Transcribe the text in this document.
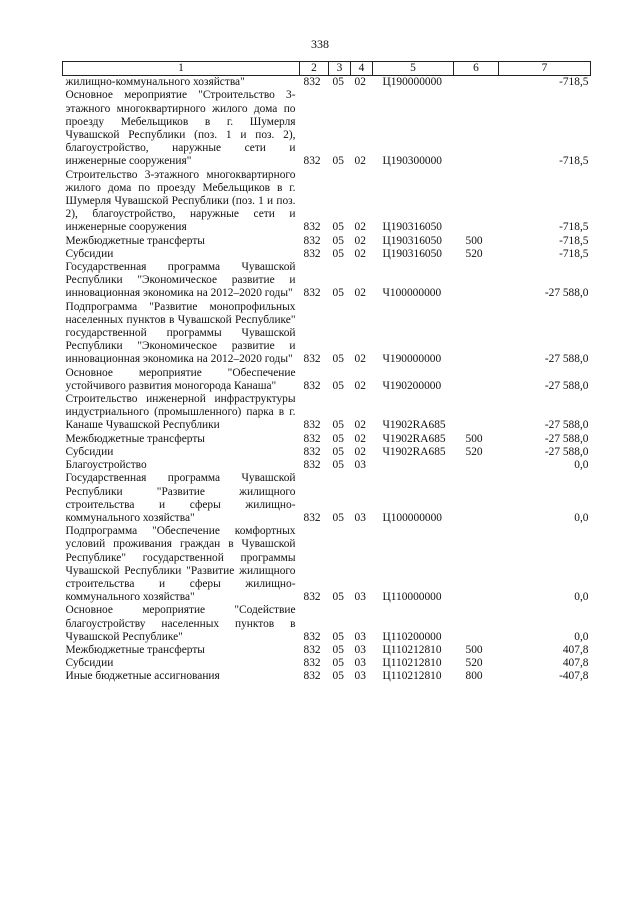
338
1	2	3	4	5	6	7
жилищно-коммунального хозяйства"	832	05	02	Ц190000000		-718,5
Основное мероприятие "Строительство 3-этажного многоквартирного жилого дома по проезду Мебельщиков в г. Шумерля Чувашской Республики (поз. 1 и поз. 2), благоустройство, наружные сети и инженерные сооружения"	832	05	02	Ц190300000		-718,5
Строительство 3-этажного многоквартирного жилого дома по проезду Мебельщиков в г. Шумерля Чувашской Республики (поз. 1 и поз. 2), благоустройство, наружные сети и инженерные сооружения	832	05	02	Ц190316050		-718,5
Межбюджетные трансферты	832	05	02	Ц190316050	500	-718,5
Субсидии	832	05	02	Ц190316050	520	-718,5
Государственная программа Чувашской Республики "Экономическое развитие и инновационная экономика на 2012–2020 годы"	832	05	02	Ч100000000		-27 588,0
Подпрограмма "Развитие монопрофильных населенных пунктов в Чувашской Республике" государственной программы Чувашской Республики "Экономическое развитие и инновационная экономика на 2012–2020 годы"	832	05	02	Ч190000000		-27 588,0
Основное мероприятие "Обеспечение устойчивого развития моногорода Канаша"	832	05	02	Ч190200000		-27 588,0
Строительство инженерной инфраструктуры индустриального (промышленного) парка в г. Канаше Чувашской Республики	832	05	02	Ч1902RA685		-27 588,0
Межбюджетные трансферты	832	05	02	Ч1902RA685	500	-27 588,0
Субсидии	832	05	02	Ч1902RA685	520	-27 588,0
Благоустройство	832	05	03			0,0
Государственная программа Чувашской Республики "Развитие жилищного строительства и сферы жилищно-коммунального хозяйства"	832	05	03	Ц100000000		0,0
Подпрограмма "Обеспечение комфортных условий проживания граждан в Чувашской Республике" государственной программы Чувашской Республики "Развитие жилищного строительства и сферы жилищно-коммунального хозяйства"	832	05	03	Ц110000000		0,0
Основное мероприятие "Содействие благоустройству населенных пунктов в Чувашской Республике"	832	05	03	Ц110200000		0,0
Межбюджетные трансферты	832	05	03	Ц110212810	500	407,8
Субсидии	832	05	03	Ц110212810	520	407,8
Иные бюджетные ассигнования	832	05	03	Ц110212810	800	-407,8
